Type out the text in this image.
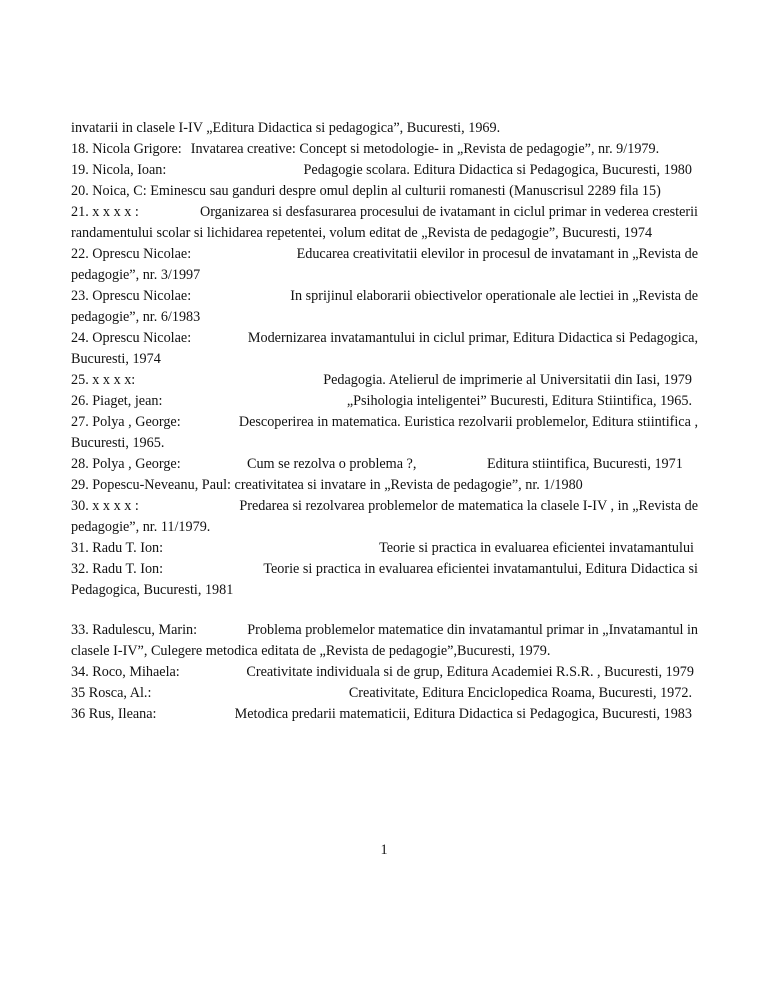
invatarii in clasele I-IV „Editura Didactica si pedagogica”, Bucuresti, 1969.
18. Nicola Grigore: Invatarea creative: Concept si metodologie- in „Revista de pedagogie”, nr. 9/1979.
19. Nicola, Ioan:	Pedagogie scolara. Editura Didactica si Pedagogica, Bucuresti, 1980
20. Noica, C: Eminescu sau ganduri despre omul deplin al culturii romanesti (Manuscrisul 2289 fila 15)
21. x x x x :	Organizarea si desfasurarea procesului de ivatamant in ciclul primar in vederea cresterii
randamentului scolar si lichidarea repetentei, volum editat de „Revista de pedagogie”, Bucuresti, 1974
22. Oprescu Nicolae:	Educarea creativitatii elevilor in procesul de invatamant in „Revista de
pedagogie”, nr. 3/1997
23. Oprescu Nicolae:	In sprijinul elaborarii obiectivelor operationale ale lectiei in „Revista de
pedagogie”, nr. 6/1983
24. Oprescu Nicolae:	Modernizarea invatamantului in ciclul primar, Editura Didactica si Pedagogica,
Bucuresti, 1974
25. x x x x:	Pedagogia. Atelierul de imprimerie al Universitatii din Iasi, 1979
26. Piaget, jean:	„Psihologia inteligentei” Bucuresti, Editura Stiintifica, 1965.
27. Polya , George:	Descoperirea in matematica. Euristica rezolvarii problemelor, Editura stiintifica ,
Bucuresti, 1965.
28. Polya , George:	Cum se rezolva o problema ?,	Editura stiintifica, Bucuresti, 1971
29. Popescu-Neveanu, Paul: creativitatea si invatare in „Revista de pedagogie”, nr. 1/1980
30. x x x x :	Predarea si rezolvarea problemelor de matematica la clasele I-IV , in „Revista de
pedagogie”, nr. 11/1979.
31. Radu T. Ion:	Teorie si practica in evaluarea eficientei invatamantului
32. Radu T. Ion:	Teorie si practica in evaluarea eficientei invatamantului, Editura Didactica si
Pedagogica, Bucuresti, 1981
33. Radulescu, Marin:	Problema problemelor matematice din invatamantul primar in „Invatamantul in
clasele I-IV”, Culegere metodica editata de „Revista de pedagogie”,Bucuresti, 1979.
34. Roco, Mihaela:	Creativitate individuala si de grup, Editura Academiei R.S.R. , Bucuresti, 1979
35 Rosca, Al.:	Creativitate, Editura Enciclopedica Roama, Bucuresti, 1972.
36 Rus, Ileana:	Metodica predarii matematicii, Editura Didactica si Pedagogica, Bucuresti, 1983
1
